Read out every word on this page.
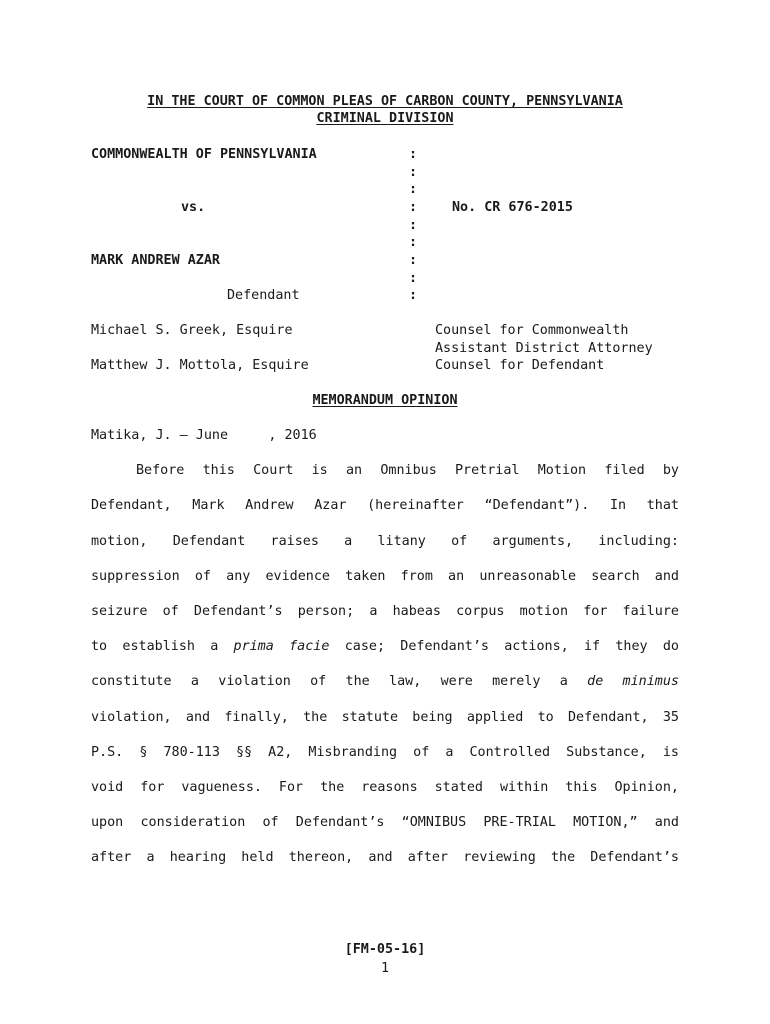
IN THE COURT OF COMMON PLEAS OF CARBON COUNTY, PENNSYLVANIA
CRIMINAL DIVISION
COMMONWEALTH OF PENNSYLVANIA
vs.
MARK ANDREW AZAR
Defendant
No. CR 676-2015
:
:
:
:
:
:
:
:
:
Michael S. Greek, Esquire	Counsel for Commonwealth
Assistant District Attorney
Matthew J. Mottola, Esquire	Counsel for Defendant
MEMORANDUM OPINION
Matika, J. – June     , 2016
Before this Court is an Omnibus Pretrial Motion filed by
Defendant, Mark Andrew Azar (hereinafter “Defendant”). In that
motion, Defendant raises a litany of arguments, including:
suppression of any evidence taken from an unreasonable search and
seizure of Defendant’s person; a habeas corpus motion for failure
to establish a prima facie case; Defendant’s actions, if they do
constitute a violation of the law, were merely a de minimus
violation, and finally, the statute being applied to Defendant, 35
P.S. § 780-113 §§ A2, Misbranding of a Controlled Substance, is
void for vagueness. For the reasons stated within this Opinion,
upon consideration of Defendant’s “OMNIBUS PRE-TRIAL MOTION,” and
after a hearing held thereon, and after reviewing the Defendant’s
[FM-05-16]
1
